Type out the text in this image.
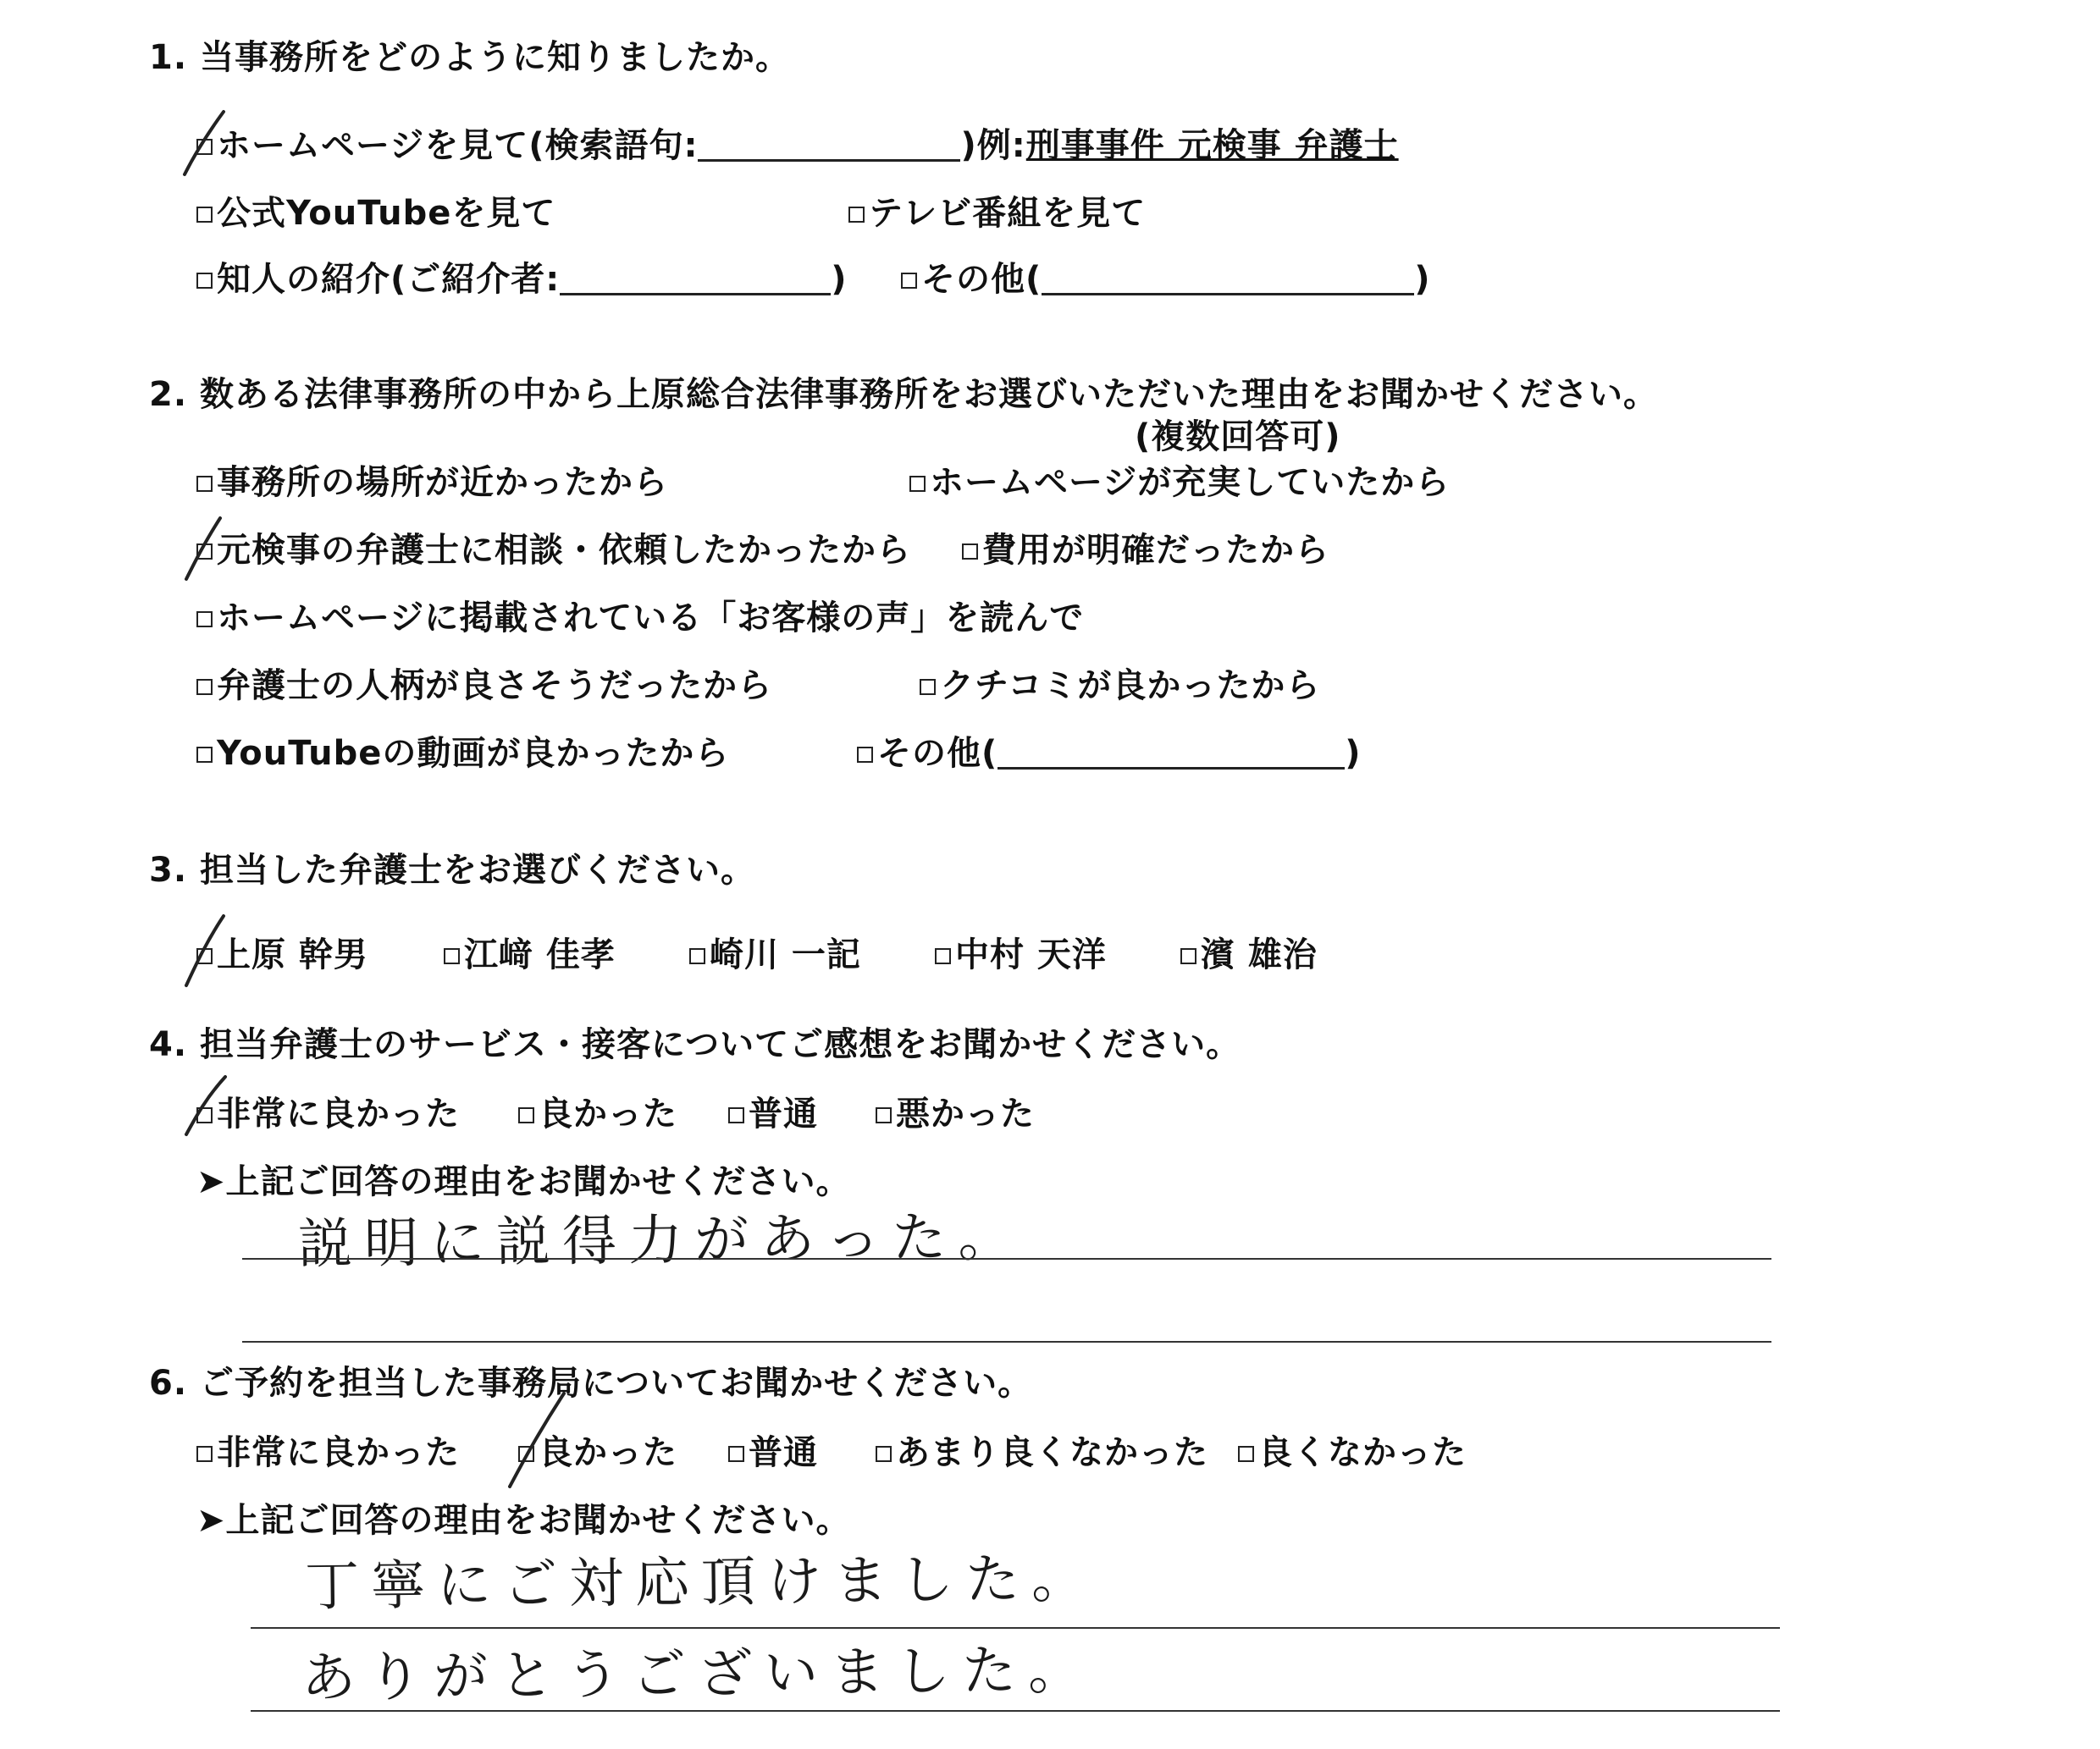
1. 当事務所をどのように知りましたか。
ホームページを見て(検索語句:	)例:刑事事件 元検事 弁護士
公式YouTubeを見て	テレビ番組を見て
知人の紹介(ご紹介者:	)	その他(	)
2. 数ある法律事務所の中から上原総合法律事務所をお選びいただいた理由をお聞かせください。
(複数回答可)
事務所の場所が近かったから	ホームページが充実していたから
元検事の弁護士に相談・依頼したかったから	費用が明確だったから
ホームページに掲載されている「お客様の声」を読んで
弁護士の人柄が良さそうだったから	クチコミが良かったから
YouTubeの動画が良かったから	その他(	)
3. 担当した弁護士をお選びください。
上原 幹男	江﨑 佳孝	崎川 一記	中村 天洋	濱 雄治
4. 担当弁護士のサービス・接客についてご感想をお聞かせください。
非常に良かった	良かった	普通	悪かった
➤上記ご回答の理由をお聞かせください。
説明に説得力があった。
6. ご予約を担当した事務局についてお聞かせください。
非常に良かった	良かった	普通	あまり良くなかった	良くなかった
➤上記ご回答の理由をお聞かせください。
丁寧にご対応頂けました。
ありがとうございました。
